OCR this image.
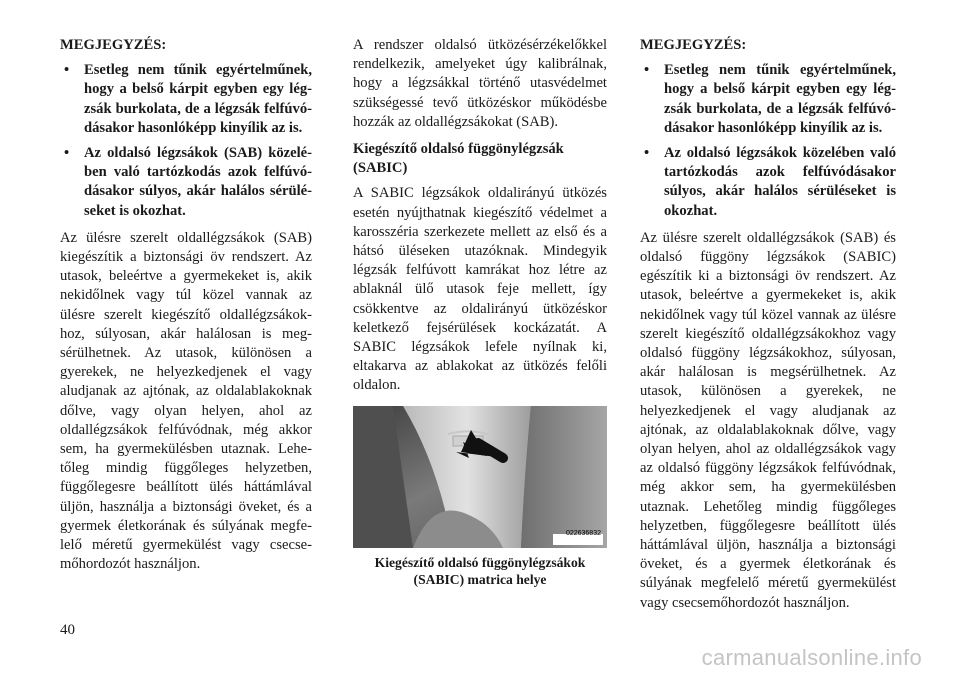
MEGJEGYZÉS:
• Esetleg nem tűnik egyértelműnek, hogy a belső kárpit egyben egy légzsák burkolata, de a légzsák felfúvódásakor hasonlóképp kinyílik az is.
• Az oldalsó légzsákok (SAB) közelében való tartózkodás azok felfúvódásakor súlyos, akár halálos sérüléseket is okozhat.

Az ülésre szerelt oldallégzsákok (SAB) kiegészítik a biztonsági öv rendszert. Az utasok, beleértve a gyermekeket is, akik nekidőlnek vagy túl közel vannak az ülésre szerelt kiegészítő oldallégzsákokhoz, súlyosan, akár halálosan is megsérülhetnek. Az utasok, különösen a gyerekek, ne helyezkedjenek el vagy aludjanak az ajtónak, az oldalablakoknak dőlve, vagy olyan helyen, ahol az oldallégzsákok felfúvódnak, még akkor sem, ha gyermekülésben utaznak. Lehetőleg mindig függőleges helyzetben, függőlegesre beállított ülés háttámlával üljön, használja a biztonsági öveket, és a gyermek életkorának és súlyának megfelelő méretű gyermekülést vagy csecsemőhordozót használjon.

A rendszer oldalsó ütközésérzékelőkkel rendelkezik, amelyeket úgy kalibrálnak, hogy a légzsákkal történő utasvédelmet szükségessé tevő ütközéskor működésbe hozzák az oldallégzsákokat (SAB).

Kiegészítő oldalsó függönylégzsák (SABIC)

A SABIC légzsákok oldalirányú ütközés esetén nyújthatnak kiegészítő védelmet a karosszéria szerkezete mellett az első és a hátsó üléseken utazóknak. Mindegyik légzsák felfúvott kamrákat hoz létre az ablaknál ülő utasok feje mellett, így csökkentve az oldalirányú ütközéskor keletkező fejsérülések kockázatát. A SABIC légzsákok lefele nyílnak ki, eltakarva az ablakokat az ütközés felőli oldalon.

022636832
Kiegészítő oldalsó függönylégzsákok
(SABIC) matrica helye
MEGJEGYZÉS:
• Esetleg nem tűnik egyértelműnek, hogy a belső kárpit egyben egy légzsák burkolata, de a légzsák felfúvódásakor hasonlóképp kinyílik az is.
• Az oldalsó légzsákok közelében való tartózkodás azok felfúvódásakor súlyos, akár halálos sérüléseket is okozhat.

Az ülésre szerelt oldallégzsákok (SAB) és oldalsó függöny légzsákok (SABIC) egészítik ki a biztonsági öv rendszert. Az utasok, beleértve a gyermekeket is, akik nekidőlnek vagy túl közel vannak az ülésre szerelt kiegészítő oldallégzsákokhoz vagy oldalsó függöny légzsákokhoz, súlyosan, akár halálosan is megsérülhetnek. Az utasok, különösen a gyerekek, ne helyezkedjenek el vagy aludjanak az ajtónak, az oldalablakoknak dőlve, vagy olyan helyen, ahol az oldallégzsákok vagy az oldalsó függöny légzsákok felfúvódnak, még akkor sem, ha gyermekülésben utaznak. Lehetőleg mindig függőleges helyzetben, függőlegesre beállított ülés háttámlával üljön, használja a biztonsági öveket, és a gyermek életkorának és súlyának megfelelő méretű gyermekülést vagy csecsemőhordozót használjon.

40
carmanualsonline.info
